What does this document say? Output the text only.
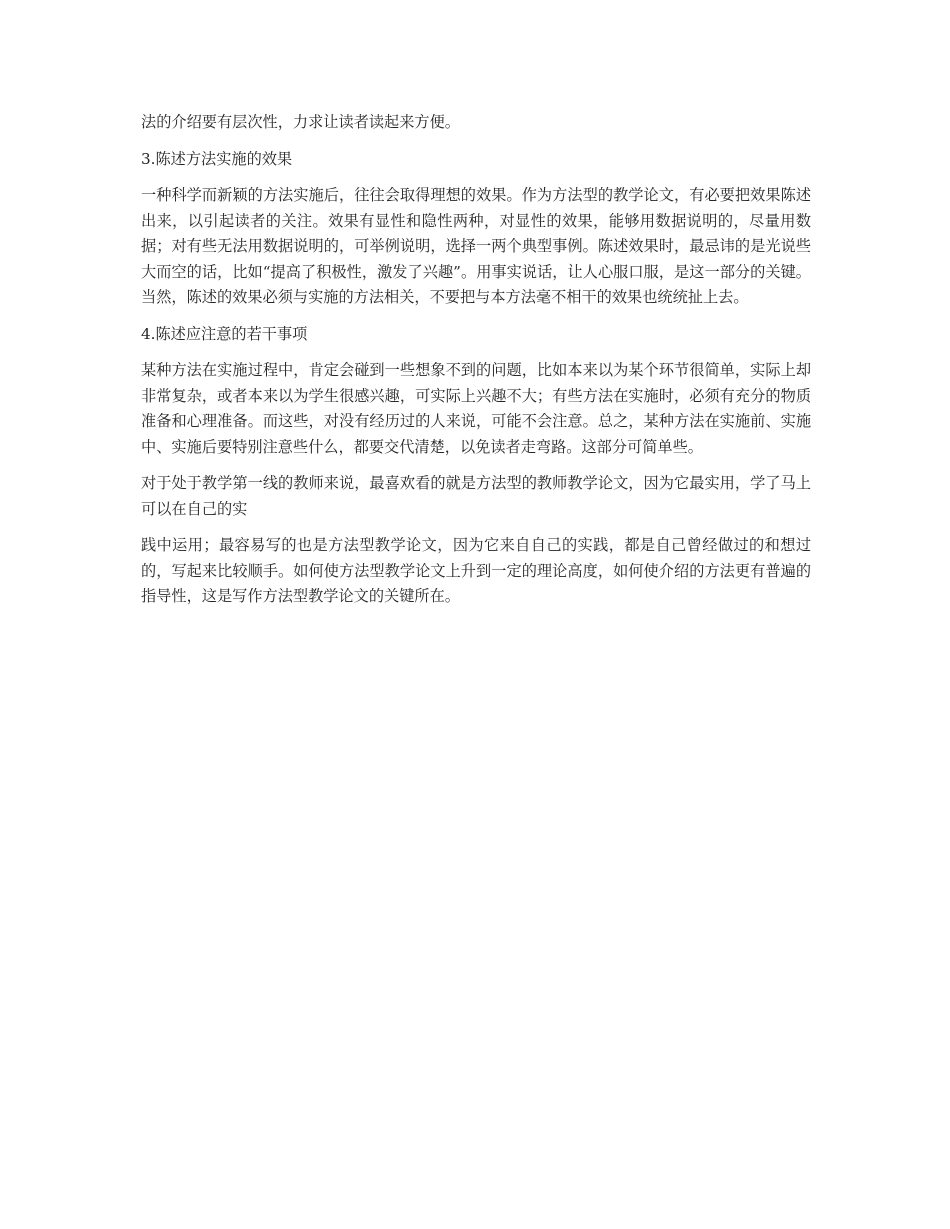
法的介绍要有层次性，力求让读者读起来方便。

3.陈述方法实施的效果

一种科学而新颖的方法实施后，往往会取得理想的效果。作为方法型的教学论文，有必要把效果陈述出来，以引起读者的关注。效果有显性和隐性两种，对显性的效果，能够用数据说明的，尽量用数据；对有些无法用数据说明的，可举例说明，选择一两个典型事例。陈述效果时，最忌讳的是光说些大而空的话，比如“提高了积极性，激发了兴趣”。用事实说话，让人心服口服，是这一部分的关键。当然，陈述的效果必须与实施的方法相关，不要把与本方法毫不相干的效果也统统扯上去。

4.陈述应注意的若干事项

某种方法在实施过程中，肯定会碰到一些想象不到的问题，比如本来以为某个环节很简单，实际上却非常复杂，或者本来以为学生很感兴趣，可实际上兴趣不大；有些方法在实施时，必须有充分的物质准备和心理准备。而这些，对没有经历过的人来说，可能不会注意。总之，某种方法在实施前、实施中、实施后要特别注意些什么，都要交代清楚，以免读者走弯路。这部分可简单些。

对于处于教学第一线的教师来说，最喜欢看的就是方法型的教师教学论文，因为它最实用，学了马上可以在自己的实

践中运用；最容易写的也是方法型教学论文，因为它来自自己的实践，都是自己曾经做过的和想过的，写起来比较顺手。如何使方法型教学论文上升到一定的理论高度，如何使介绍的方法更有普遍的指导性，这是写作方法型教学论文的关键所在。
